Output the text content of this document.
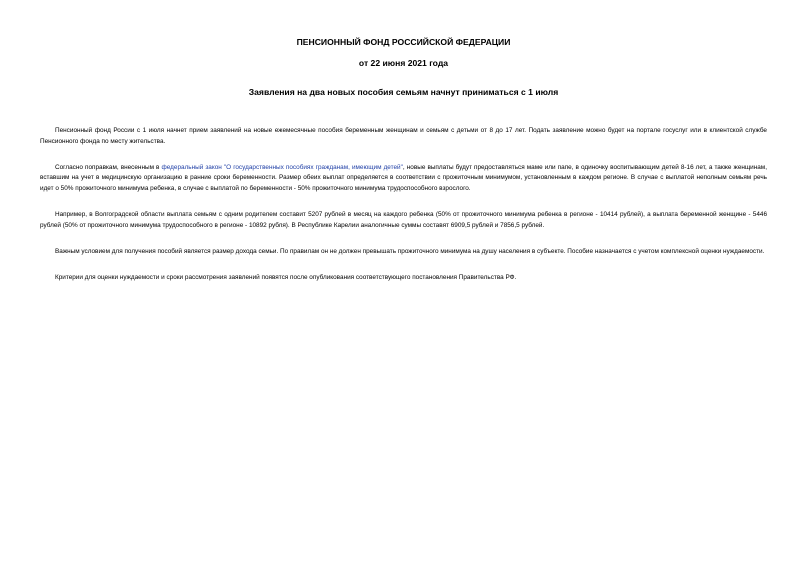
ПЕНСИОННЫЙ ФОНД РОССИЙСКОЙ ФЕДЕРАЦИИ
от 22 июня 2021 года
Заявления на два новых пособия семьям начнут приниматься с 1 июля

Пенсионный фонд России с 1 июля начнет прием заявлений на новые ежемесячные пособия беременным женщинам и семьям с детьми от 8 до 17 лет. Подать заявление можно будет на портале госуслуг или в клиентской службе Пенсионного фонда по месту жительства.

Согласно поправкам, внесенным в федеральный закон "О государственных пособиях гражданам, имеющим детей", новые выплаты будут предоставляться маме или папе, в одиночку воспитывающим детей 8-16 лет, а также женщинам, вставшим на учет в медицинскую организацию в ранние сроки беременности. Размер обеих выплат определяется в соответствии с прожиточным минимумом, установленным в каждом регионе. В случае с выплатой неполным семьям речь идет о 50% прожиточного минимума ребенка, в случае с выплатой по беременности - 50% прожиточного минимума трудоспособного взрослого.

Например, в Волгоградской области выплата семьям с одним родителем составит 5207 рублей в месяц на каждого ребенка (50% от прожиточного минимума ребенка в регионе - 10414 рублей), а выплата беременной женщине - 5446 рублей (50% от прожиточного минимума трудоспособного в регионе - 10892 рубля). В Республике Карелии аналогичные суммы составят 6909,5 рублей и 7856,5 рублей.

Важным условием для получения пособий является размер дохода семьи. По правилам он не должен превышать прожиточного минимума на душу населения в субъекте. Пособие назначается с учетом комплексной оценки нуждаемости.

Критерии для оценки нуждаемости и сроки рассмотрения заявлений появятся после опубликования соответствующего постановления Правительства РФ.
